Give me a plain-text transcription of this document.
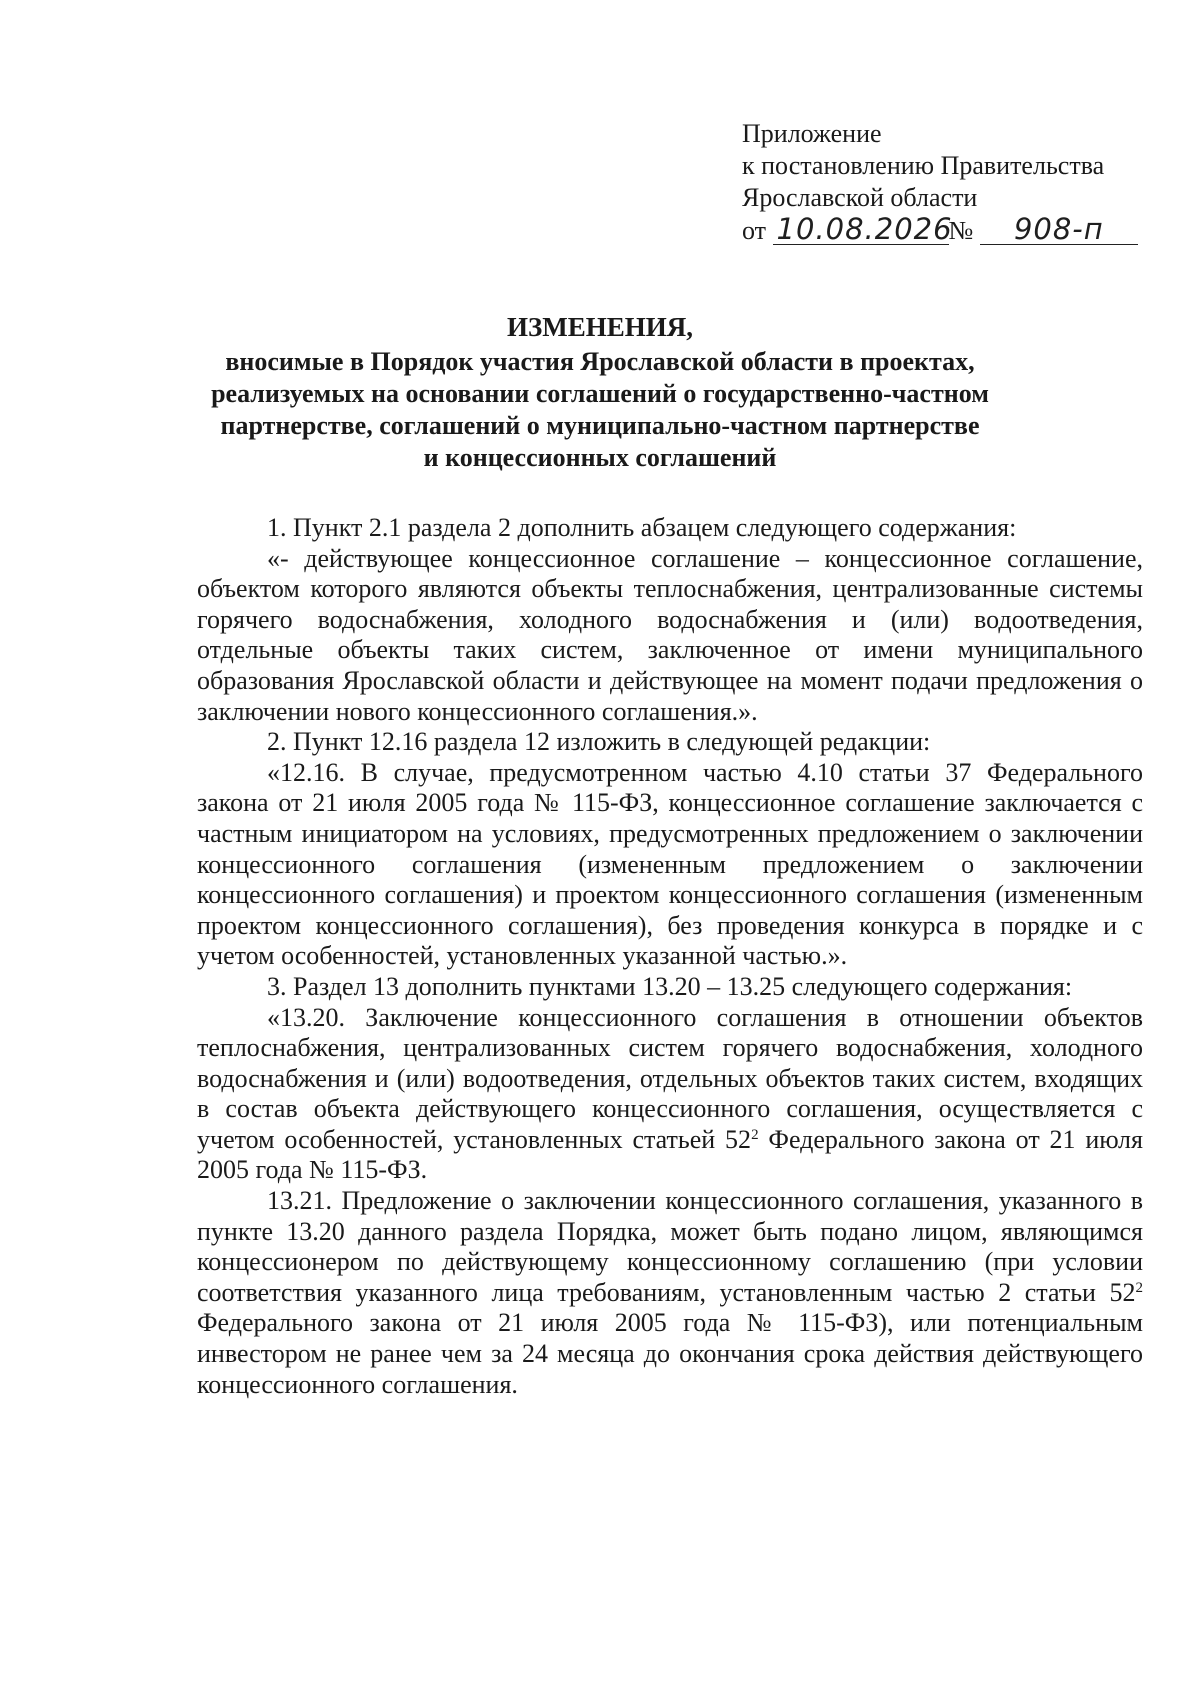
Приложение
к постановлению Правительства
Ярославской области
от 10.08.2026№ 908-п
ИЗМЕНЕНИЯ,
вносимые в Порядок участия Ярославской области в проектах,
реализуемых на основании соглашений о государственно-частном
партнерстве, соглашений о муниципально-частном партнерстве
и концессионных соглашений

1. Пункт 2.1 раздела 2 дополнить абзацем следующего содержания:

«- действующее концессионное соглашение – концессионное соглашение, объектом которого являются объекты теплоснабжения, централизованные системы горячего водоснабжения, холодного водоснабжения и (или) водоотведения, отдельные объекты таких систем, заключенное от имени муниципального образования Ярославской области и действующее на момент подачи предложения о заключении нового концессионного соглашения.».

2. Пункт 12.16 раздела 12 изложить в следующей редакции:

«12.16. В случае, предусмотренном частью 4.10 статьи 37 Федерального закона от 21 июля 2005 года № 115-ФЗ, концессионное соглашение заключается с частным инициатором на условиях, предусмотренных предложением о заключении концессионного соглашения (измененным предложением о заключении концессионного соглашения) и проектом концессионного соглашения (измененным проектом концессионного соглашения), без проведения конкурса в порядке и с учетом особенностей, установленных указанной частью.».

3. Раздел 13 дополнить пунктами 13.20 – 13.25 следующего содержания:

«13.20. Заключение концессионного соглашения в отношении объектов теплоснабжения, централизованных систем горячего водоснабжения, холодного водоснабжения и (или) водоотведения, отдельных объектов таких систем, входящих в состав объекта действующего концессионного соглашения, осуществляется с учетом особенностей, установленных статьей $52^2$ Федерального закона от 21 июля 2005 года № 115-ФЗ.

13.21. Предложение о заключении концессионного соглашения, указанного в пункте 13.20 данного раздела Порядка, может быть подано лицом, являющимся концессионером по действующему концессионному соглашению (при условии соответствия указанного лица требованиям, установленным частью 2 статьи $52^2$ Федерального закона от 21 июля 2005 года № 115-ФЗ), или потенциальным инвестором не ранее чем за 24 месяца до окончания срока действия действующего концессионного соглашения.
